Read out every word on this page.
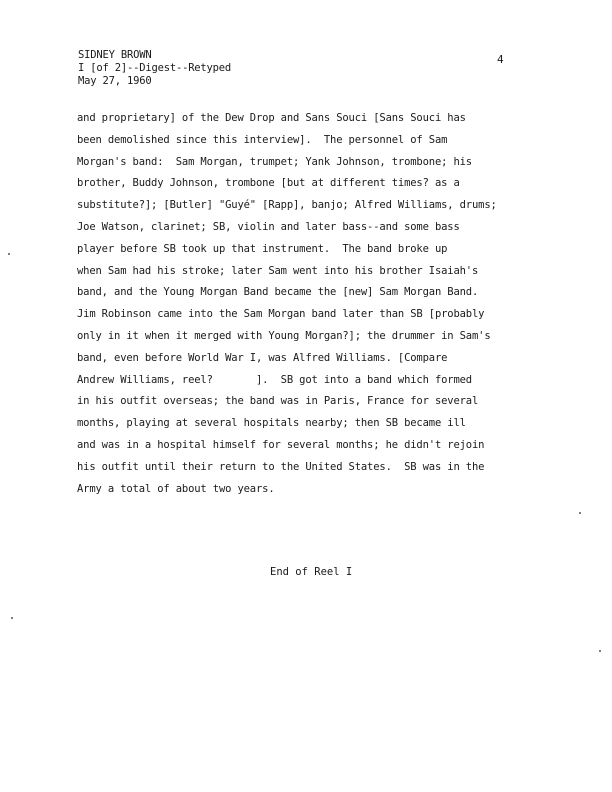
SIDNEY BROWN
I [of 2]--Digest--Retyped
May 27, 1960
4
and proprietary] of the Dew Drop and Sans Souci [Sans Souci has
been demolished since this interview].  The personnel of Sam
Morgan's band:  Sam Morgan, trumpet; Yank Johnson, trombone; his
brother, Buddy Johnson, trombone [but at different times? as a
substitute?]; [Butler] "Guyé" [Rapp], banjo; Alfred Williams, drums;
Joe Watson, clarinet; SB, violin and later bass--and some bass
player before SB took up that instrument.  The band broke up
when Sam had his stroke; later Sam went into his brother Isaiah's
band, and the Young Morgan Band became the [new] Sam Morgan Band.
Jim Robinson came into the Sam Morgan band later than SB [probably
only in it when it merged with Young Morgan?]; the drummer in Sam's
band, even before World War I, was Alfred Williams. [Compare
Andrew Williams, reel?       ].  SB got into a band which formed
in his outfit overseas; the band was in Paris, France for several
months, playing at several hospitals nearby; then SB became ill
and was in a hospital himself for several months; he didn't rejoin
his outfit until their return to the United States.  SB was in the
Army a total of about two years.
End of Reel I
